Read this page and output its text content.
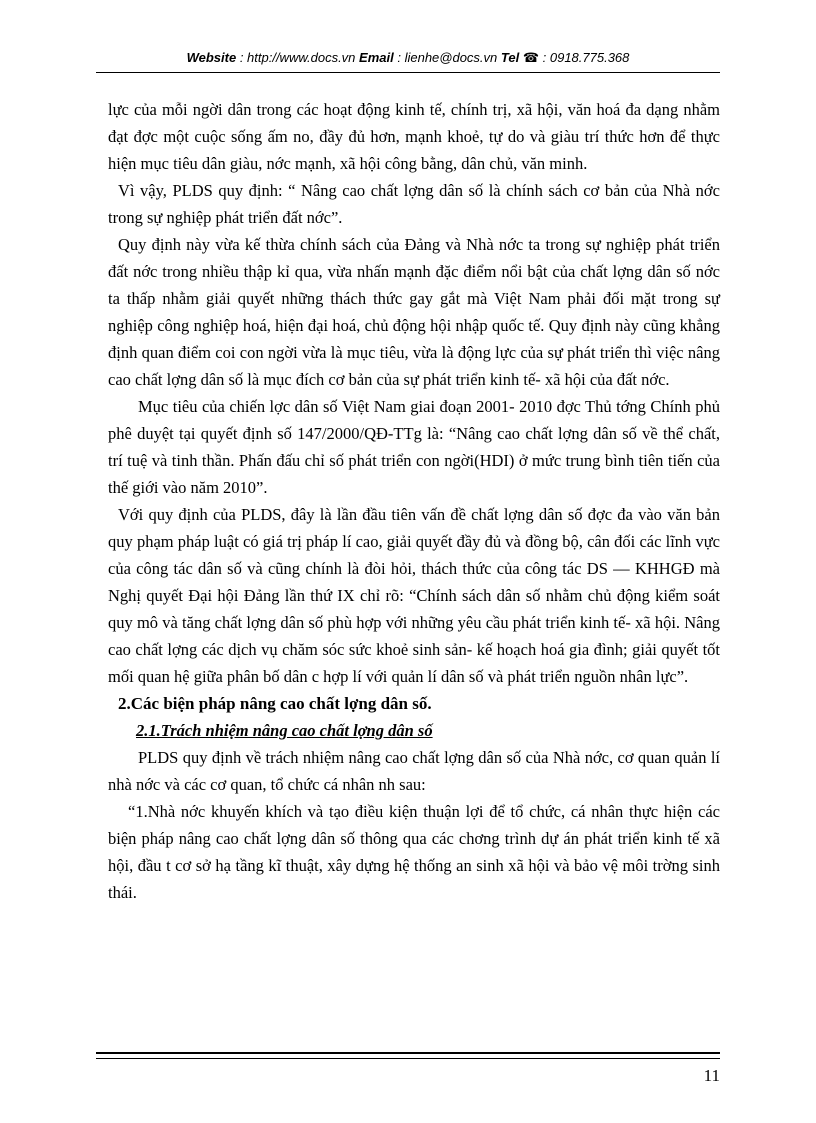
Website : http://www.docs.vn Email : lienhe@docs.vn Tel ☎ : 0918.775.368

lực của mỗi ngời dân trong các hoạt động kinh tế, chính trị, xã hội, văn hoá đa dạng nhằm đạt đợc một cuộc sống ấm no, đầy đủ hơn, mạnh khoẻ, tự do và giàu trí thức hơn để thực hiện mục tiêu dân giàu, nớc mạnh, xã hội công bằng, dân chủ, văn minh.

Vì vậy, PLDS quy định: “ Nâng cao chất lợng dân số là chính sách cơ bản của Nhà nớc trong sự nghiệp phát triển đất nớc”.

Quy định này vừa kế thừa chính sách của Đảng và Nhà nớc ta trong sự nghiệp phát triển đất nớc trong nhiều thập kỉ qua, vừa nhấn mạnh đặc điểm nổi bật của chất lợng dân số nớc ta thấp nhằm giải quyết những thách thức gay gắt mà Việt Nam phải đối mặt trong sự nghiệp công nghiệp hoá, hiện đại hoá, chủ động hội nhập quốc tế. Quy định này cũng khẳng định quan điểm coi con ngời vừa là mục tiêu, vừa là động lực của sự phát triển thì việc nâng cao chất lợng dân số là mục đích cơ bản của sự phát triển kinh tế- xã hội của đất nớc.

Mục tiêu của chiến lợc dân số Việt Nam giai đoạn 2001- 2010 đợc Thủ tớng Chính phủ phê duyệt tại quyết định số 147/2000/QĐ-TTg là: “Nâng cao chất lợng dân số về thể chất, trí tuệ và tinh thần. Phấn đấu chỉ số phát triển con ngời(HDI) ở mức trung bình tiên tiến của thế giới vào năm 2010”.

Với quy định của PLDS, đây là lần đầu tiên vấn đề chất lợng dân số đợc đa vào văn bản quy phạm pháp luật có giá trị pháp lí cao, giải quyết đầy đủ và đồng bộ, cân đối các lĩnh vực của công tác dân số và cũng chính là đòi hỏi, thách thức của công tác DS — KHHGĐ mà Nghị quyết Đại hội Đảng lần thứ IX chỉ rõ: “Chính sách dân số nhằm chủ động kiểm soát quy mô và tăng chất lợng dân số phù hợp với những yêu cầu phát triển kinh tế- xã hội. Nâng cao chất lợng các dịch vụ chăm sóc sức khoẻ sinh sản- kế hoạch hoá gia đình; giải quyết tốt mối quan hệ giữa phân bố dân c hợp lí với quản lí dân số và phát triển nguồn nhân lực”.

2.Các biện pháp nâng cao chất lợng dân số.

2.1.Trách nhiệm nâng cao chất lợng dân số

PLDS quy định về trách nhiệm nâng cao chất lợng dân số của Nhà nớc, cơ quan quản lí nhà nớc và các cơ quan, tổ chức cá nhân nh sau:

“1.Nhà nớc khuyến khích và tạo điều kiện thuận lợi để tổ chức, cá nhân thực hiện các biện pháp nâng cao chất lợng dân số thông qua các chơng trình dự án phát triển kinh tế xã hội, đầu t cơ sở hạ tầng kĩ thuật, xây dựng hệ thống an sinh xã hội và bảo vệ môi trờng sinh thái.

11
